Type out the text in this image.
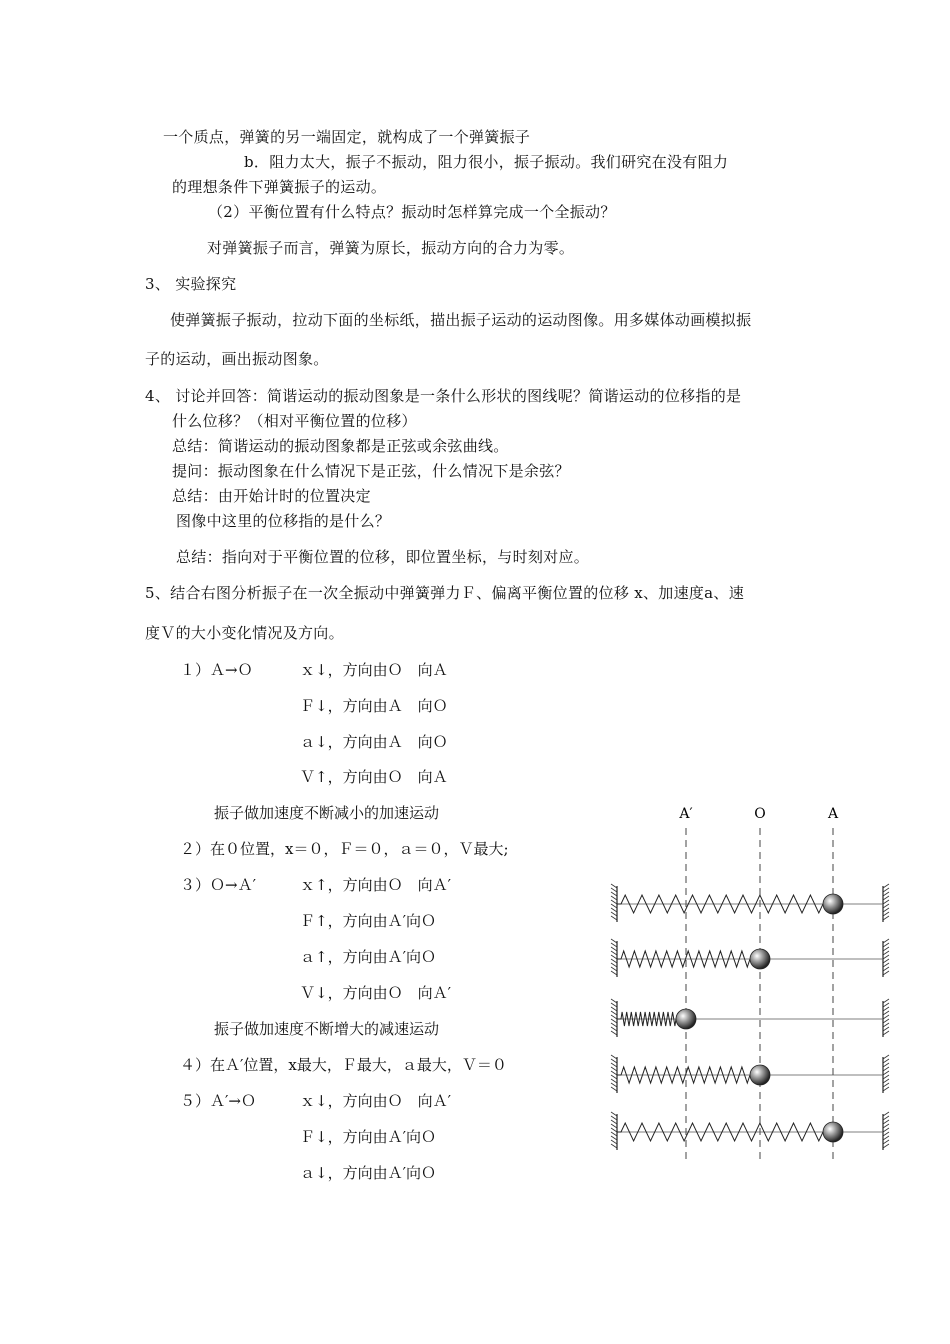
一个质点，弹簧的另一端固定，就构成了一个弹簧振子
b．阻力太大，振子不振动，阻力很小，振子振动。我们研究在没有阻力
的理想条件下弹簧振子的运动。
（2）平衡位置有什么特点？振动时怎样算完成一个全振动？
对弹簧振子而言，弹簧为原长，振动方向的合力为零。
3、 实验探究
使弹簧振子振动，拉动下面的坐标纸，描出振子运动的运动图像。用多媒体动画模拟振
子的运动，画出振动图象。
4、 讨论并回答：简谐运动的振动图象是一条什么形状的图线呢？简谐运动的位移指的是
什么位移？（相对平衡位置的位移）
总结：简谐运动的振动图象都是正弦或余弦曲线。
提问：振动图象在什么情况下是正弦，什么情况下是余弦？
总结：由开始计时的位置决定
图像中这里的位移指的是什么？
总结：指向对于平衡位置的位移，即位置坐标，与时刻对应。
5、结合右图分析振子在一次全振动中弹簧弹力Ｆ、偏离平衡位置的位移 x、加速度a、速
度Ｖ的大小变化情况及方向。
１）Ａ→Ｏ	ｘ↓，方向由Ｏ　向Ａ
Ｆ↓，方向由Ａ　向Ｏ
ａ↓，方向由Ａ　向Ｏ
Ｖ↑，方向由Ｏ　向Ａ
振子做加速度不断减小的加速运动
２）在０位置，x＝０，Ｆ＝０，ａ＝０，Ｖ最大;
３）Ｏ→Ａ′	ｘ↑，方向由Ｏ　向Ａ′
Ｆ↑，方向由Ａ′向Ｏ
ａ↑，方向由Ａ′向Ｏ
Ｖ↓，方向由Ｏ　向Ａ′
振子做加速度不断增大的减速运动
４）在Ａ′位置，x最大，Ｆ最大，ａ最大，Ｖ＝０
５）Ａ′→Ｏ	ｘ↓，方向由Ｏ　向Ａ′
Ｆ↓，方向由Ａ′向Ｏ
ａ↓，方向由Ａ′向Ｏ
A′	O	A
